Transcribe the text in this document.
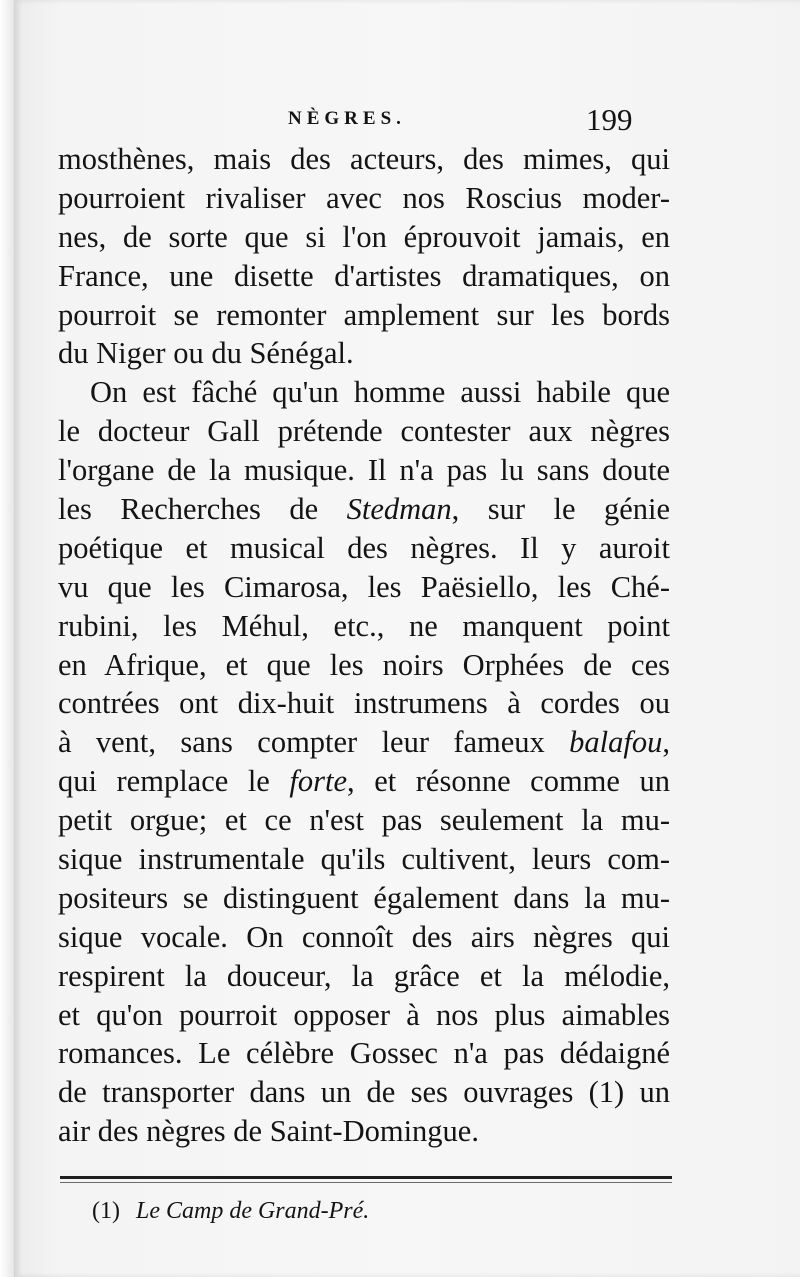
NÈGRES.	199
mosthènes, mais des acteurs, des mimes, qui
pourroient rivaliser avec nos Roscius moder-
nes, de sorte que si l'on éprouvoit jamais, en
France, une disette d'artistes dramatiques, on
pourroit se remonter amplement sur les bords
du Niger ou du Sénégal.
On est fâché qu'un homme aussi habile que
le docteur Gall prétende contester aux nègres
l'organe de la musique. Il n'a pas lu sans doute
les Recherches de Stedman, sur le génie
poétique et musical des nègres. Il y auroit
vu que les Cimarosa, les Paësiello, les Ché-
rubini, les Méhul, etc., ne manquent point
en Afrique, et que les noirs Orphées de ces
contrées ont dix-huit instrumens à cordes ou
à vent, sans compter leur fameux balafou,
qui remplace le forte, et résonne comme un
petit orgue; et ce n'est pas seulement la mu-
sique instrumentale qu'ils cultivent, leurs com-
positeurs se distinguent également dans la mu-
sique vocale. On connoît des airs nègres qui
respirent la douceur, la grâce et la mélodie,
et qu'on pourroit opposer à nos plus aimables
romances. Le célèbre Gossec n'a pas dédaigné
de transporter dans un de ses ouvrages (1) un
air des nègres de Saint-Domingue.
(1) Le Camp de Grand-Pré.
